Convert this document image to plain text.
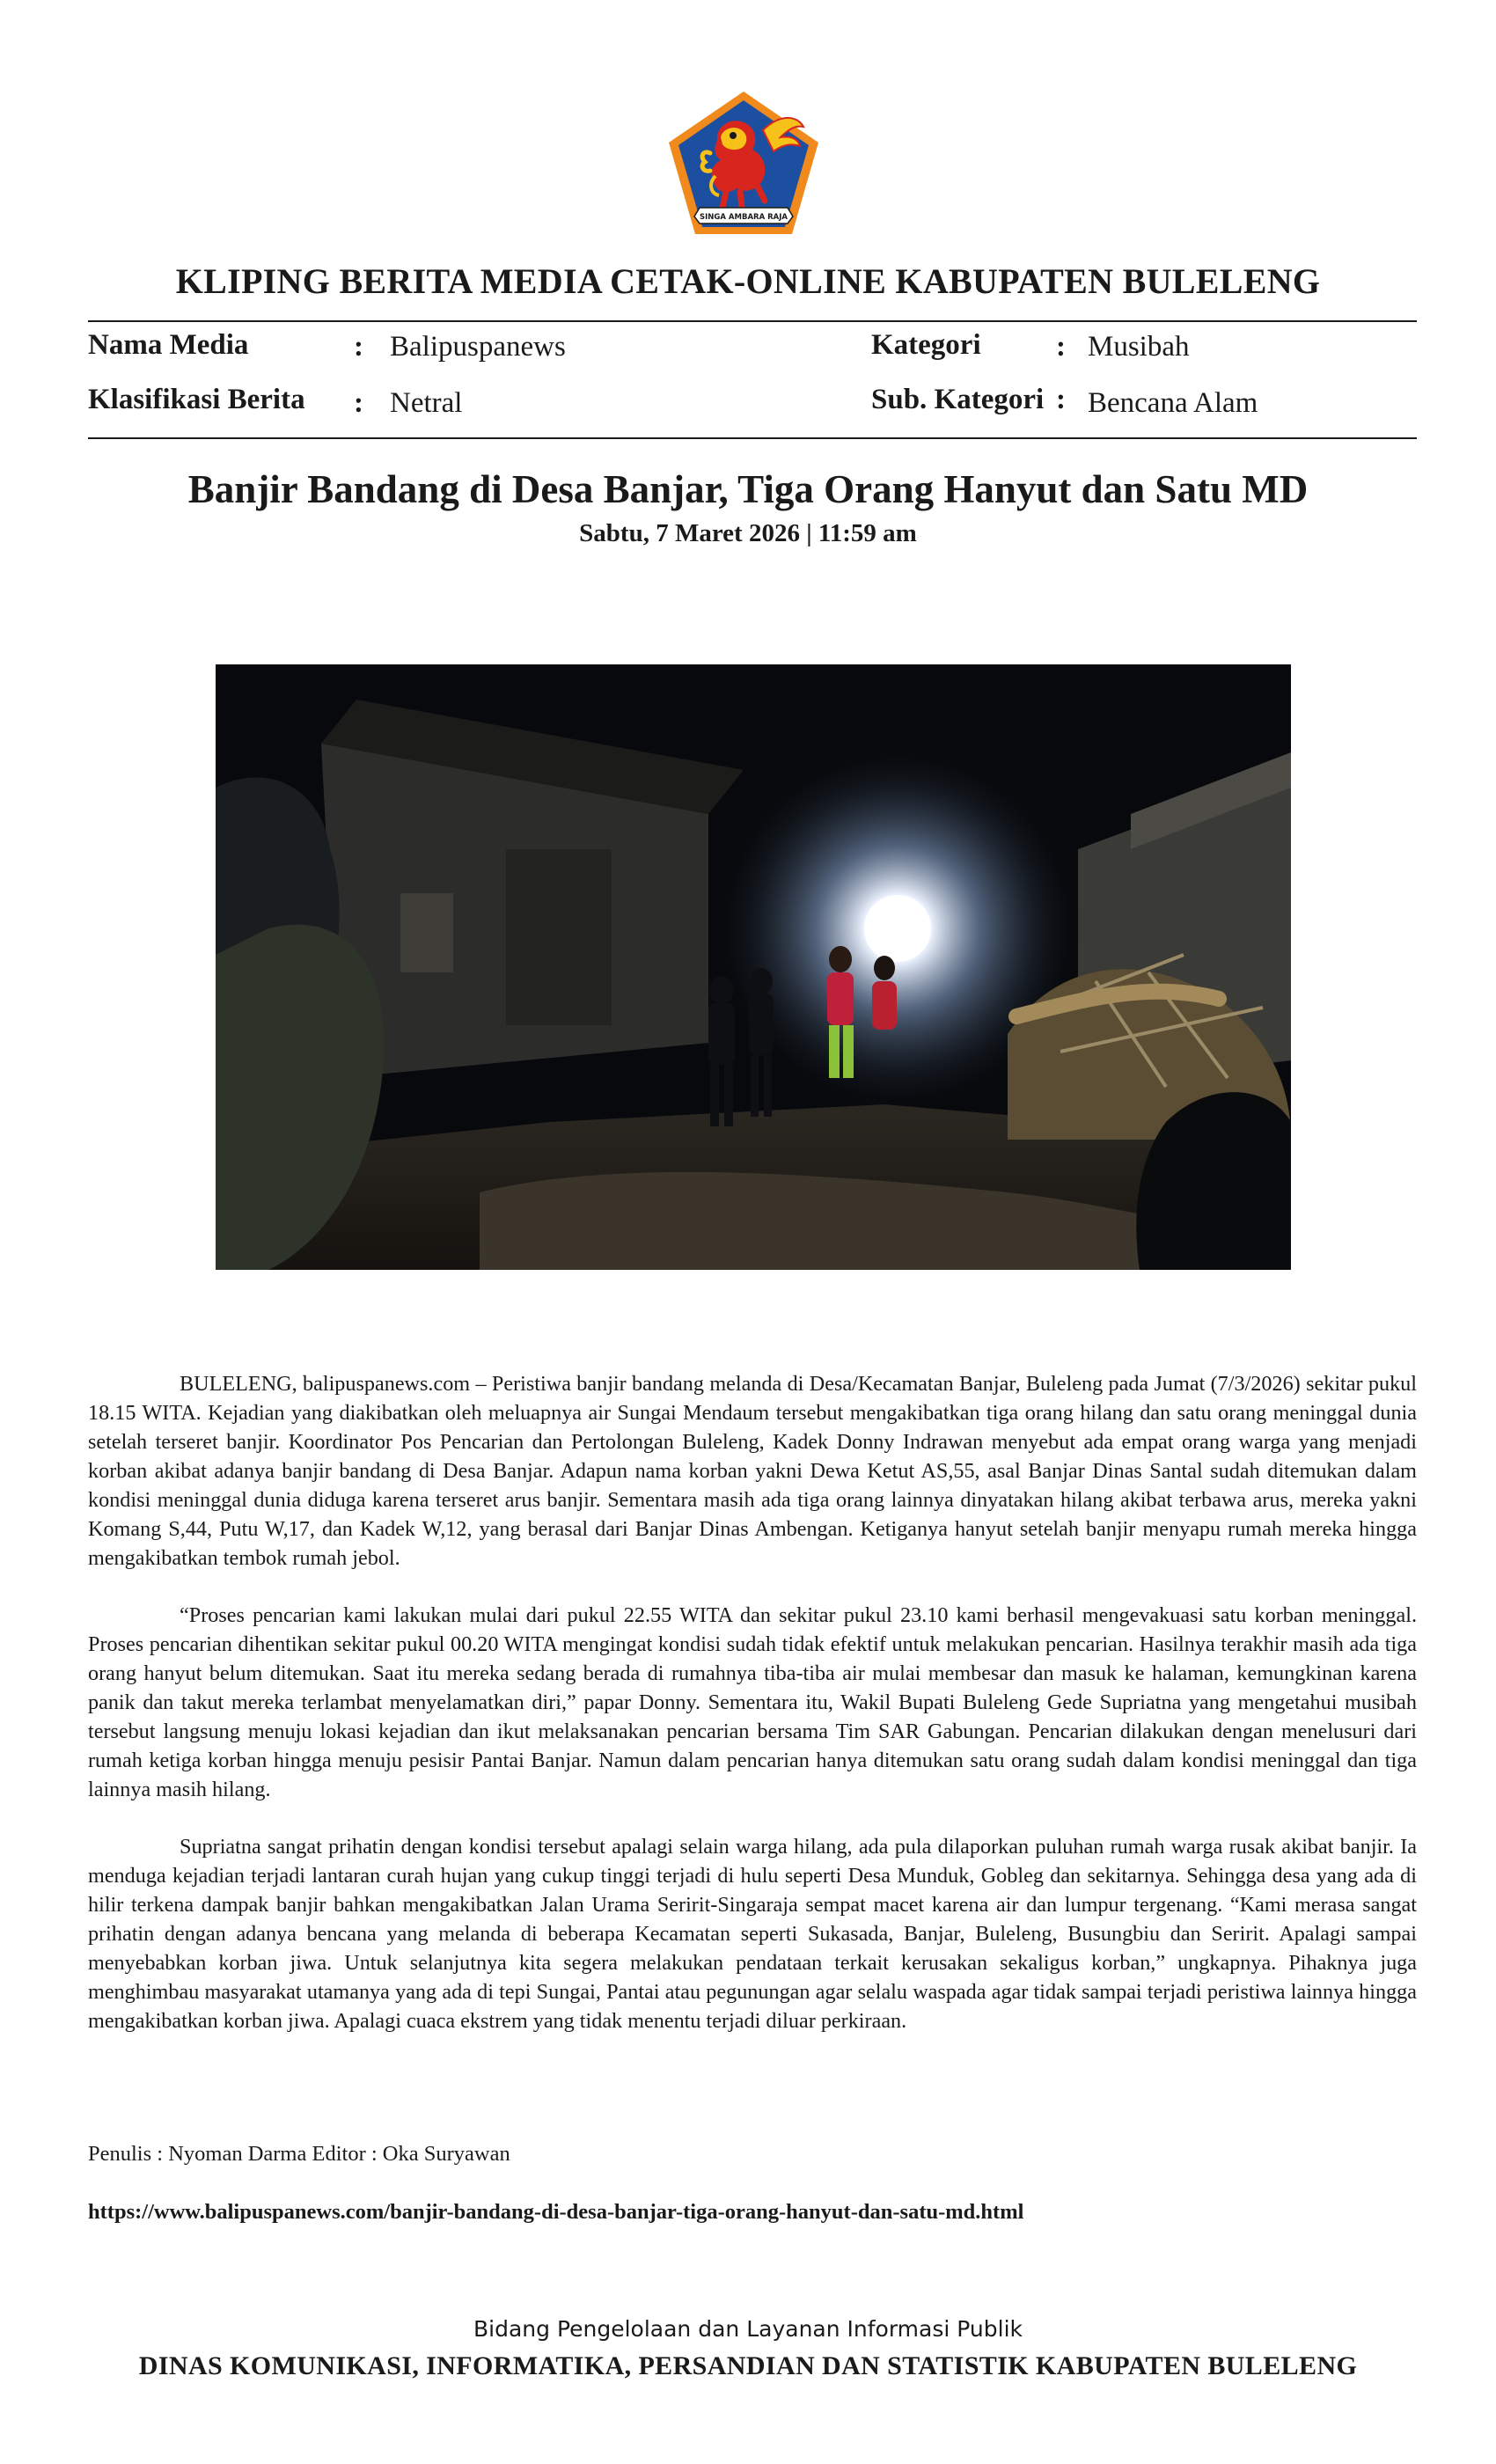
SINGA AMBARA RAJA
KLIPING BERITA MEDIA CETAK-ONLINE KABUPATEN BULELENG
Nama Media	: Balipuspanews	Kategori	: Musibah
Klasifikasi Berita : Netral	Sub. Kategori : Bencana Alam
Banjir Bandang di Desa Banjar, Tiga Orang Hanyut dan Satu MD
Sabtu, 7 Maret 2026 | 11:59 am

BULELENG, balipuspanews.com – Peristiwa banjir bandang melanda di Desa/Kecamatan Banjar, Buleleng pada Jumat (7/3/2026) sekitar pukul 18.15 WITA. Kejadian yang diakibatkan oleh meluapnya air Sungai Mendaum tersebut mengakibatkan tiga orang hilang dan satu orang meninggal dunia setelah terseret banjir. Koordinator Pos Pencarian dan Pertolongan Buleleng, Kadek Donny Indrawan menyebut ada empat orang warga yang menjadi korban akibat adanya banjir bandang di Desa Banjar. Adapun nama korban yakni Dewa Ketut AS,55, asal Banjar Dinas Santal sudah ditemukan dalam kondisi meninggal dunia diduga karena terseret arus banjir. Sementara masih ada tiga orang lainnya dinyatakan hilang akibat terbawa arus, mereka yakni Komang S,44, Putu W,17, dan Kadek W,12, yang berasal dari Banjar Dinas Ambengan. Ketiganya hanyut setelah banjir menyapu rumah mereka hingga mengakibatkan tembok rumah jebol.

“Proses pencarian kami lakukan mulai dari pukul 22.55 WITA dan sekitar pukul 23.10 kami berhasil mengevakuasi satu korban meninggal. Proses pencarian dihentikan sekitar pukul 00.20 WITA mengingat kondisi sudah tidak efektif untuk melakukan pencarian. Hasilnya terakhir masih ada tiga orang hanyut belum ditemukan. Saat itu mereka sedang berada di rumahnya tiba-tiba air mulai membesar dan masuk ke halaman, kemungkinan karena panik dan takut mereka terlambat menyelamatkan diri,” papar Donny. Sementara itu, Wakil Bupati Buleleng Gede Supriatna yang mengetahui musibah tersebut langsung menuju lokasi kejadian dan ikut melaksanakan pencarian bersama Tim SAR Gabungan. Pencarian dilakukan dengan menelusuri dari rumah ketiga korban hingga menuju pesisir Pantai Banjar. Namun dalam pencarian hanya ditemukan satu orang sudah dalam kondisi meninggal dan tiga lainnya masih hilang.

Supriatna sangat prihatin dengan kondisi tersebut apalagi selain warga hilang, ada pula dilaporkan puluhan rumah warga rusak akibat banjir. Ia menduga kejadian terjadi lantaran curah hujan yang cukup tinggi terjadi di hulu seperti Desa Munduk, Gobleg dan sekitarnya. Sehingga desa yang ada di hilir terkena dampak banjir bahkan mengakibatkan Jalan Urama Seririt-Singaraja sempat macet karena air dan lumpur tergenang. “Kami merasa sangat prihatin dengan adanya bencana yang melanda di beberapa Kecamatan seperti Sukasada, Banjar, Buleleng, Busungbiu dan Seririt. Apalagi sampai menyebabkan korban jiwa. Untuk selanjutnya kita segera melakukan pendataan terkait kerusakan sekaligus korban,” ungkapnya. Pihaknya juga menghimbau masyarakat utamanya yang ada di tepi Sungai, Pantai atau pegunungan agar selalu waspada agar tidak sampai terjadi peristiwa lainnya hingga mengakibatkan korban jiwa. Apalagi cuaca ekstrem yang tidak menentu terjadi diluar perkiraan.

Penulis : Nyoman Darma Editor : Oka Suryawan
https://www.balipuspanews.com/banjir-bandang-di-desa-banjar-tiga-orang-hanyut-dan-satu-md.html
Bidang Pengelolaan dan Layanan Informasi Publik
DINAS KOMUNIKASI, INFORMATIKA, PERSANDIAN DAN STATISTIK KABUPATEN BULELENG
